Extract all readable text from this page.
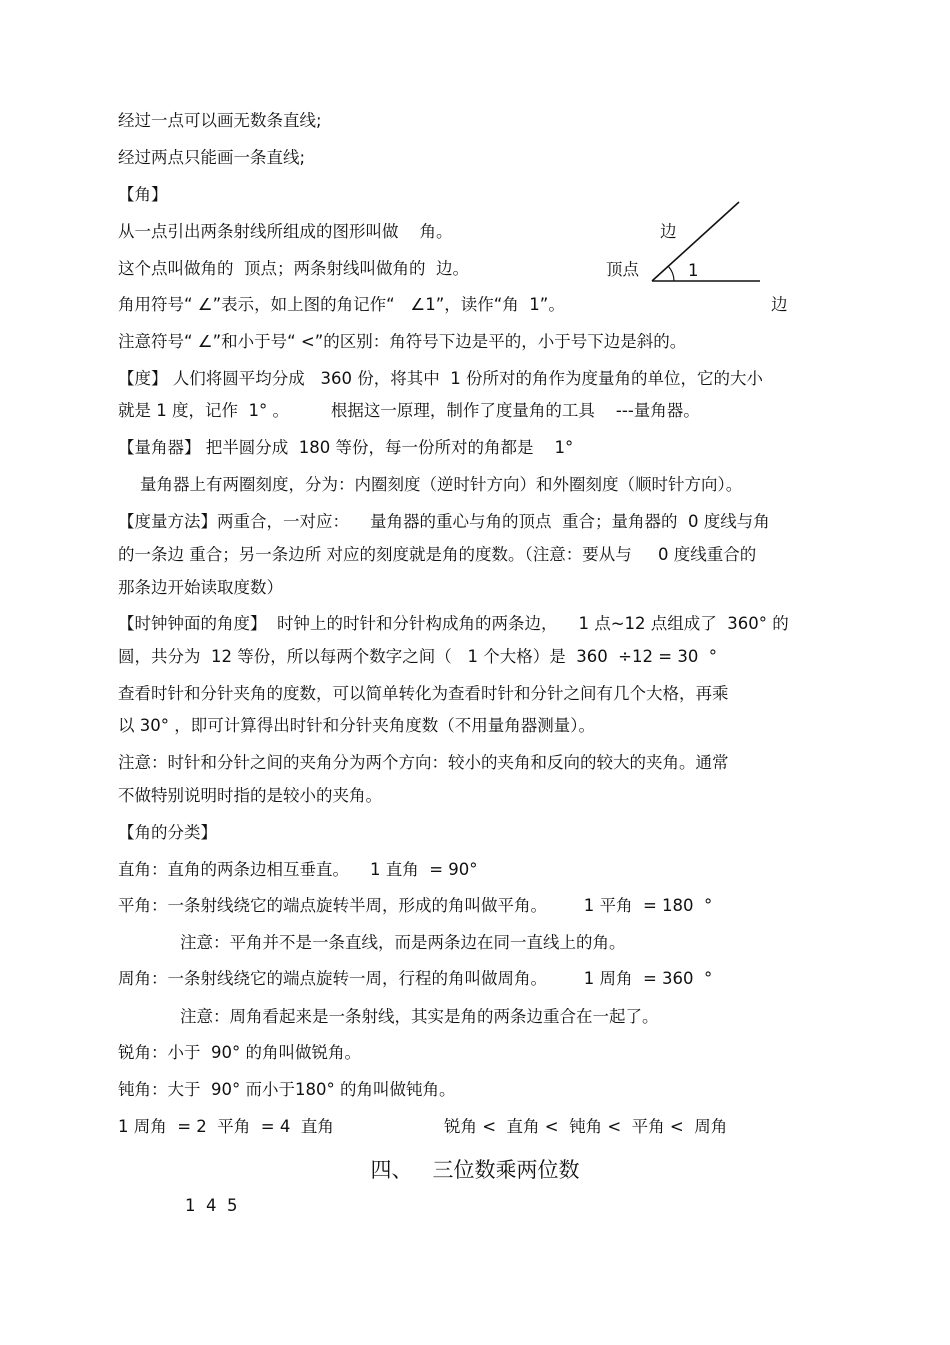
经过一点可以画无数条直线;
经过两点只能画一条直线;
【角】
从一点引出两条射线所组成的图形叫做    角。
这个点叫做角的  顶点；两条射线叫做角的  边。
角用符号“ ∠”表示，如上图的角记作“   ∠1”，读作“角  1”。
注意符号“ ∠”和小于号“ <”的区别：角符号下边是平的，小于号下边是斜的。
【度】 人们将圆平均分成   360 份，将其中  1 份所对的角作为度量角的单位，它的大小
就是 1 度，记作  1° 。        根据这一原理，制作了度量角的工具    ---量角器。
【量角器】 把半圆分成  180 等份，每一份所对的角都是    1°
量角器上有两圈刻度，分为：内圈刻度（逆时针方向）和外圈刻度（顺时针方向）。
【度量方法】两重合，一对应：    量角器的重心与角的顶点  重合；量角器的  0 度线与角
的一条边 重合；另一条边所 对应的刻度就是角的度数。（注意：要从与     0 度线重合的
那条边开始读取度数）
【时钟钟面的角度】  时钟上的时针和分针构成角的两条边，    1 点~12 点组成了  360° 的
圆，共分为  12 等份，所以每两个数字之间（   1 个大格）是  360  ÷12 = 30  °
查看时针和分针夹角的度数，可以简单转化为查看时针和分针之间有几个大格，再乘
以 30° ，即可计算得出时针和分针夹角度数（不用量角器测量）。
注意：时针和分针之间的夹角分为两个方向：较小的夹角和反向的较大的夹角。通常
不做特别说明时指的是较小的夹角。
【角的分类】
直角：直角的两条边相互垂直。    1 直角  = 90°
平角：一条射线绕它的端点旋转半周，形成的角叫做平角。       1 平角  = 180  °
注意：平角并不是一条直线，而是两条边在同一直线上的角。
周角：一条射线绕它的端点旋转一周，行程的角叫做周角。       1 周角  = 360  °
注意：周角看起来是一条射线，其实是角的两条边重合在一起了。
锐角：小于  90° 的角叫做锐角。
钝角：大于  90° 而小于180° 的角叫做钝角。
1 周角  = 2  平角  = 4  直角                     锐角 <  直角 <  钝角 <  平角 <  周角
四、   三位数乘两位数
1  4  5
边
顶点	1
边
